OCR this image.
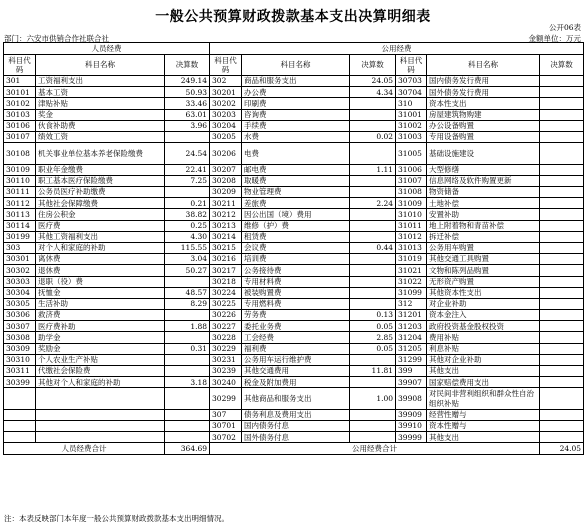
一般公共预算财政拨款基本支出决算明细表
公开06表
部门：六安市供销合作社联合社	金额单位：万元
人员经费			公用经费					
科目代码	科目名称	决算数	科目代码	科目名称	决算数	科目代码	科目名称	决算数
301	工资福利支出	249.14	302	商品和服务支出	24.05	30703	国内债务发行费用	
30101	基本工资	50.93	30201	办公费	4.34	30704	国外债务发行费用	
30102	津贴补贴	33.46	30202	印刷费		310	资本性支出	
30103	奖金	63.01	30203	咨询费		31001	房屋建筑物购建	
30106	伙食补助费	3.96	30204	手续费		31002	办公设备购置	
30107	绩效工资		30205	水费	0.02	31003	专用设备购置	
30108	机关事业单位基本养老保险缴费	24.54	30206	电费		31005	基础设施建设	
30109	职业年金缴费	22.41	30207	邮电费	1.11	31006	大型修缮	
30110	职工基本医疗保险缴费	7.25	30208	取暖费		31007	信息网络及软件购置更新	
30111	公务员医疗补助缴费		30209	物业管理费		31008	物资储备	
30112	其他社会保障缴费	0.21	30211	差旅费	2.24	31009	土地补偿	
30113	住房公积金	38.82	30212	因公出国（境）费用		31010	安置补助	
30114	医疗费	0.25	30213	维修（护）费		31011	地上附着物和青苗补偿	
30199	其他工资福利支出	4.30	30214	租赁费		31012	拆迁补偿	
303	对个人和家庭的补助	115.55	30215	会议费	0.44	31013	公务用车购置	
30301	离休费	3.04	30216	培训费		31019	其他交通工具购置	
30302	退休费	50.27	30217	公务接待费		31021	文物和陈列品购置	
30303	退职（役）费		30218	专用材料费		31022	无形资产购置	
30304	抚恤金	48.57	30224	被装购置费		31099	其他资本性支出	
30305	生活补助	8.29	30225	专用燃料费		312	对企业补助	
30306	救济费		30226	劳务费	0.13	31201	资本金注入	
30307	医疗费补助	1.88	30227	委托业务费	0.05	31203	政府投资基金股权投资	
30308	助学金		30228	工会经费	2.85	31204	费用补贴	
30309	奖励金	0.31	30229	福利费	0.05	31205	利息补贴	
30310	个人农业生产补贴		30231	公务用车运行维护费		31299	其他对企业补助	
30311	代缴社会保险费		30239	其他交通费用	11.81	399	其他支出	
30399	其他对个人和家庭的补助	3.18	30240	税金及附加费用		39907	国家赔偿费用支出	
			30299	其他商品和服务支出	1.00	39908	对民间非营利组织和群众性自治组织补贴	
			307	债务利息及费用支出		39909	经营性赠与	
			30701	国内债务付息		39910	资本性赠与	
			30702	国外债务付息		39999	其他支出	
人员经费合计		364.69	公用经费合计					24.05
注：本表反映部门本年度一般公共预算财政拨款基本支出明细情况。
